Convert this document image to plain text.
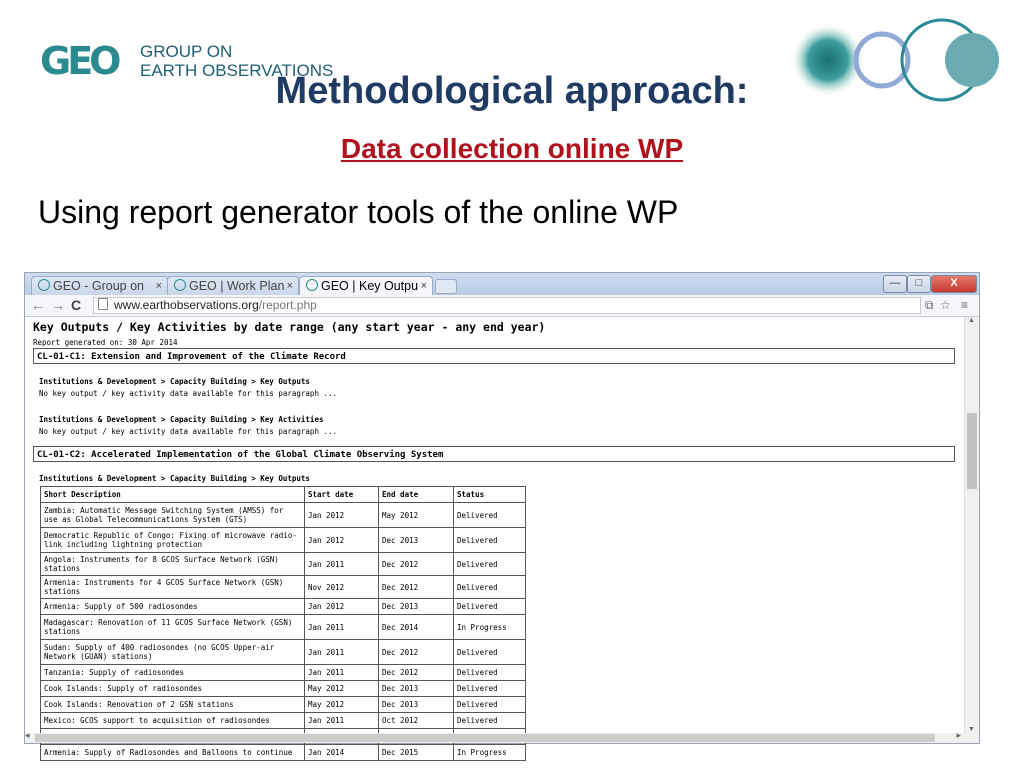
GEO GROUP ON
EARTH OBSERVATIONS
Methodological approach:
Data collection online WP
Using report generator tools of the online WP
GEO - Group on ×	GEO | Work Plan ×	GEO | Key Outpu ×	—	□	X
← → C	www.earthobservations.org/report.php	⧉ ☆ ≡
Key Outputs / Key Activities by date range (any start year - any end year)
Report generated on: 30 Apr 2014
CL-01-C1: Extension and Improvement of the Climate Record
Institutions & Development > Capacity Building > Key Outputs
No key output / key activity data available for this paragraph ...
Institutions & Development > Capacity Building > Key Activities
No key output / key activity data available for this paragraph ...
CL-01-C2: Accelerated Implementation of the Global Climate Observing System
Institutions & Development > Capacity Building > Key Outputs
Short Description	Start date	End date	Status
Zambia: Automatic Message Switching System (AMSS) for use as Global Telecommunications System (GTS)	Jan 2012	May 2012	Delivered
Democratic Republic of Congo: Fixing of microwave radio-link including lightning protection	Jan 2012	Dec 2013	Delivered
Angola: Instruments for 8 GCOS Surface Network (GSN) stations	Jan 2011	Dec 2012	Delivered
Armenia: Instruments for 4 GCOS Surface Network (GSN) stations	Nov 2012	Dec 2012	Delivered
Armenia: Supply of 500 radiosondes	Jan 2012	Dec 2013	Delivered
Madagascar: Renovation of 11 GCOS Surface Network (GSN) stations	Jan 2011	Dec 2014	In Progress
Sudan: Supply of 400 radiosondes (no GCOS Upper-air Network (GUAN) stations)	Jan 2011	Dec 2012	Delivered
Tanzania: Supply of radiosondes	Jan 2011	Dec 2012	Delivered
Cook Islands: Supply of radiosondes	May 2012	Dec 2013	Delivered
Cook Islands: Renovation of 2 GSN stations	May 2012	Dec 2013	Delivered
Mexico: GCOS support to acquisition of radiosondes	Jan 2011	Oct 2012	Delivered

Armenia: Supply of Radiosondes and Balloons to continue	Jan 2014	Dec 2015	In Progress
▲
▼
◂	▸
